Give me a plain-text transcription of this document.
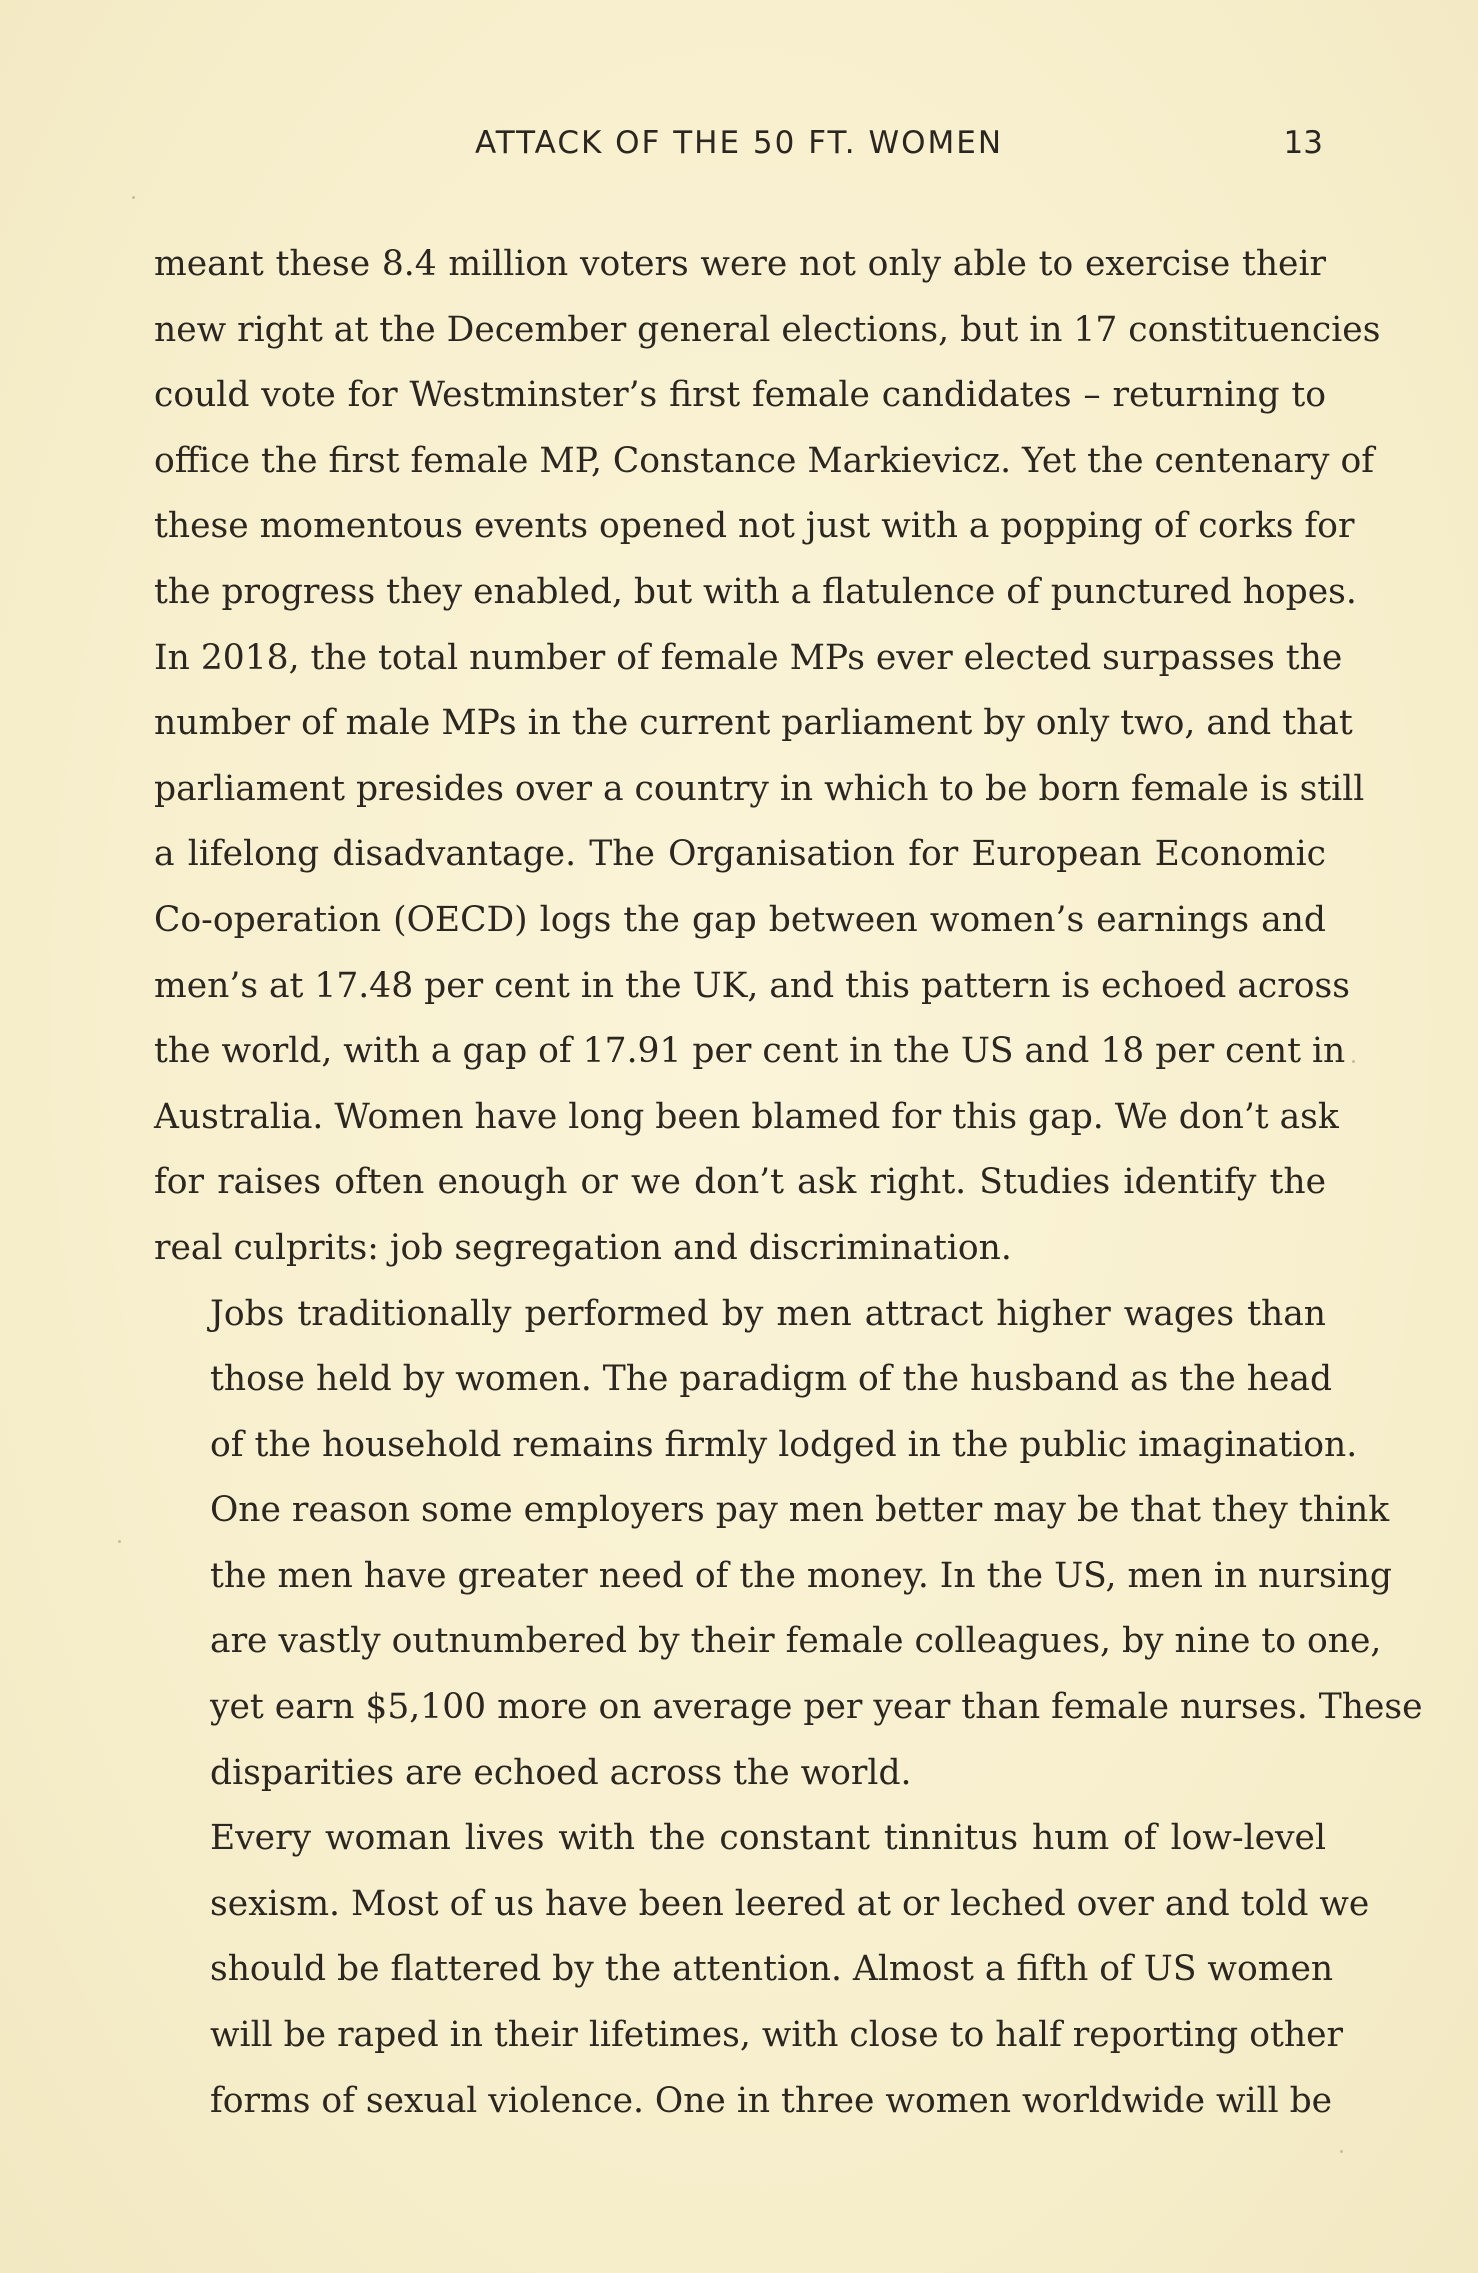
ATTACK OF THE 50 FT. WOMEN	13

meant these 8.4 million voters were not only able to exercise their
new right at the December general elections, but in 17 constituencies
could vote for Westminster’s first female candidates – returning to
office the first female MP, Constance Markievicz. Yet the centenary of
these momentous events opened not just with a popping of corks for
the progress they enabled, but with a flatulence of punctured hopes.
In 2018, the total number of female MPs ever elected surpasses the
number of male MPs in the current parliament by only two, and that
parliament presides over a country in which to be born female is still
a lifelong disadvantage. The Organisation for European Economic
Co-operation (OECD) logs the gap between women’s earnings and
men’s at 17.48 per cent in the UK, and this pattern is echoed across
the world, with a gap of 17.91 per cent in the US and 18 per cent in
Australia. Women have long been blamed for this gap. We don’t ask
for raises often enough or we don’t ask right. Studies identify the
real culprits: job segregation and discrimination.

Jobs traditionally performed by men attract higher wages than
those held by women. The paradigm of the husband as the head
of the household remains firmly lodged in the public imagination.
One reason some employers pay men better may be that they think
the men have greater need of the money. In the US, men in nursing
are vastly outnumbered by their female colleagues, by nine to one,
yet earn $5,100 more on average per year than female nurses. These
disparities are echoed across the world.

Every woman lives with the constant tinnitus hum of low-level
sexism. Most of us have been leered at or leched over and told we
should be flattered by the attention. Almost a fifth of US women
will be raped in their lifetimes, with close to half reporting other
forms of sexual violence. One in three women worldwide will be
